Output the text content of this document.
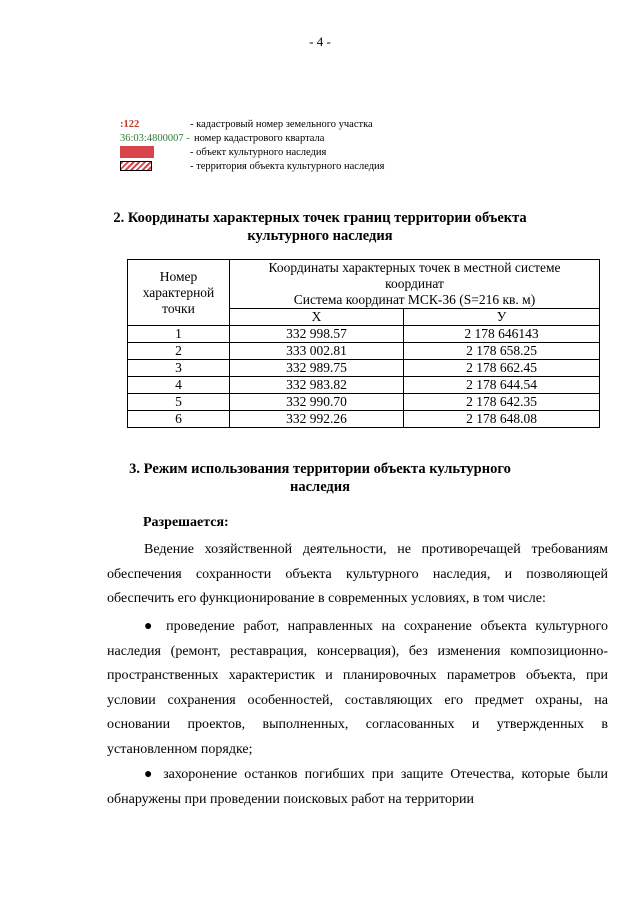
- 4 -
:122	- кадастровый номер земельного участка
36:03:4800007 - номер кадастрового квартала
- объект культурного наследия
- территория объекта культурного наследия
2. Координаты характерных точек границ территории объекта
культурного наследия
Номер характерной точки	Координаты характерных точек в местной системе
координат
Система координат МСК-36 (S=216 кв. м)	

	X	У
1	332 998.57	2 178 646143
2	333 002.81	2 178 658.25
3	332 989.75	2 178 662.45
4	332 983.82	2 178 644.54
5	332 990.70	2 178 642.35
6	332 992.26	2 178 648.08
3. Режим использования территории объекта культурного
наследия
Разрешается:
Ведение хозяйственной деятельности, не противоречащей требованиям обеспечения сохранности объекта культурного наследия, и позволяющей обеспечить его функционирование в современных условиях, в том числе:
● проведение работ, направленных на сохранение объекта культурного наследия (ремонт, реставрация, консервация), без изменения композиционно-пространственных характеристик и планировочных параметров объекта, при условии сохранения особенностей, составляющих его предмет охраны, на основании проектов, выполненных, согласованных и утвержденных в установленном порядке;
● захоронение останков погибших при защите Отечества, которые были обнаружены при проведении поисковых работ на территории
